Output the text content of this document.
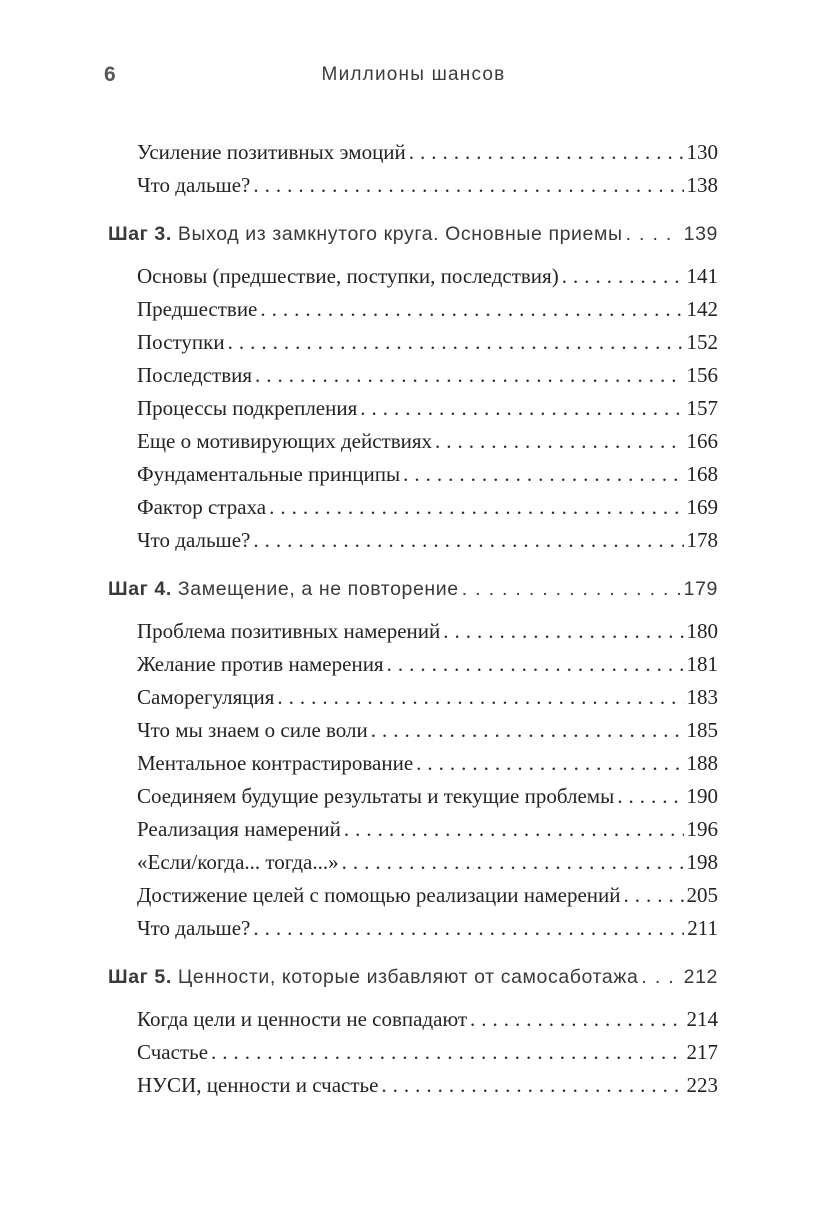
6	Миллионы шансов
Усиление позитивных эмоций .....	130
Что дальше? .....	138
Шаг 3. Выход из замкнутого круга. Основные приемы .....	139
Основы (предшествие, поступки, последствия) .....	141
Предшествие .....	142
Поступки .....	152
Последствия .....	156
Процессы подкрепления .....	157
Еще о мотивирующих действиях .....	166
Фундаментальные принципы .....	168
Фактор страха .....	169
Что дальше? .....	178
Шаг 4. Замещение, а не повторение .....	179
Проблема позитивных намерений .....	180
Желание против намерения .....	181
Саморегуляция .....	183
Что мы знаем о силе воли .....	185
Ментальное контрастирование .....	188
Соединяем будущие результаты и текущие проблемы .....	190
Реализация намерений .....	196
«Если/когда... тогда...» .....	198
Достижение целей с помощью реализации намерений .....	205
Что дальше? .....	211
Шаг 5. Ценности, которые избавляют от самосаботажа ..... 212
Когда цели и ценности не совпадают .....	214
Счастье .....	217
НУСИ, ценности и счастье .....	223
